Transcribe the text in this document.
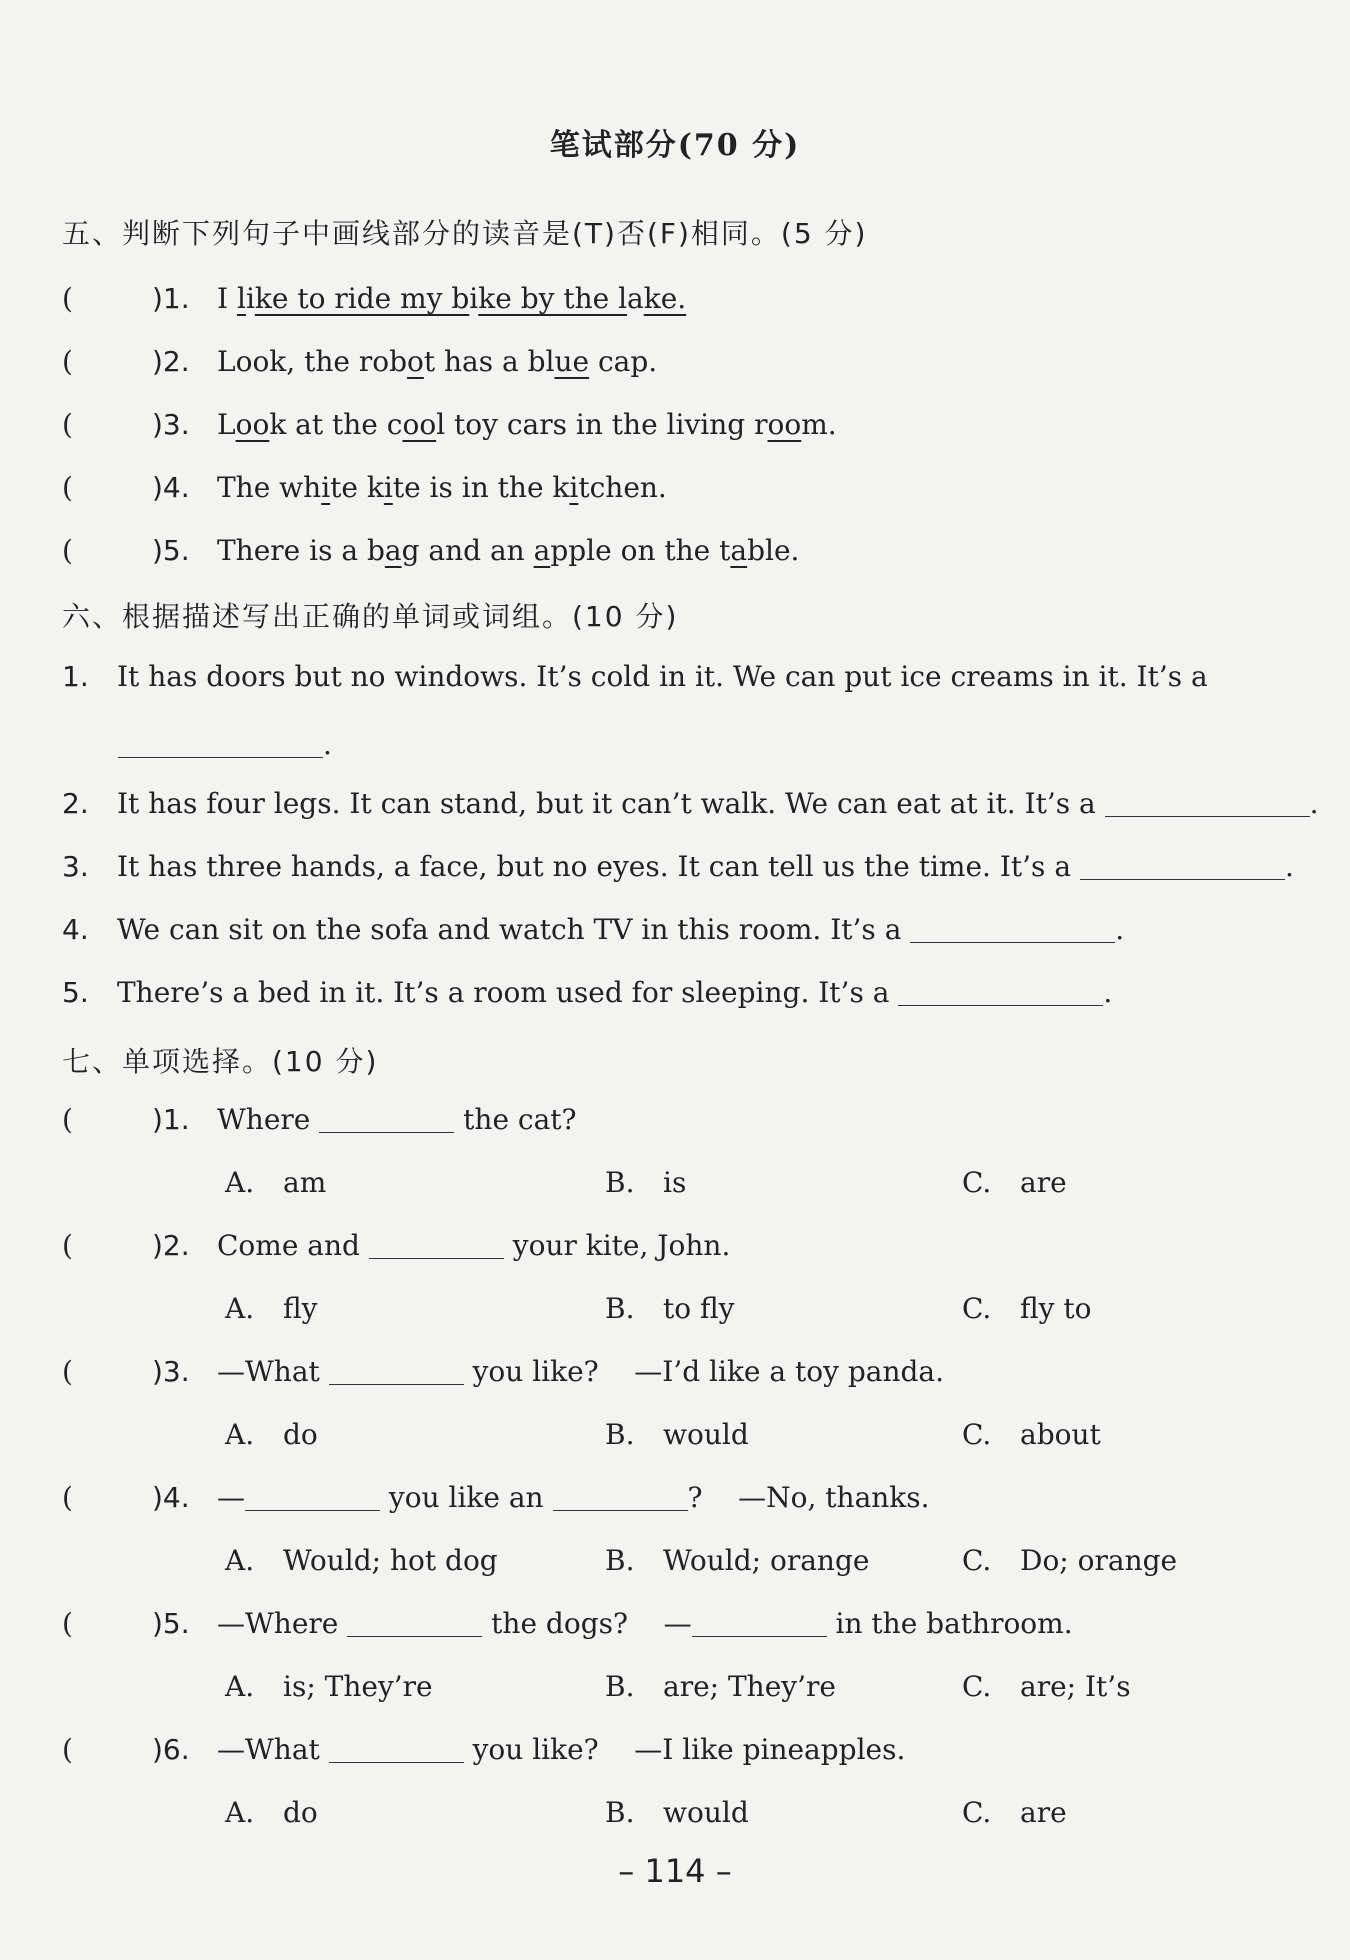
笔试部分(70 分)
五、判断下列句子中画线部分的读音是(T)否(F)相同。(5 分)
(	)1. I like to ride my bike by the lake.
(	)2. Look, the robot has a blue cap.
(	)3. Look at the cool toy cars in the living room.
(	)4. The white kite is in the kitchen.
(	)5. There is a bag and an apple on the table.
六、根据描述写出正确的单词或词组。(10 分)
1. It has doors but no windows. It’s cold in it. We can put ice creams in it. It’s a
.
2. It has four legs. It can stand, but it can’t walk. We can eat at it. It’s a	.
3. It has three hands, a face, but no eyes. It can tell us the time. It’s a	.
4. We can sit on the sofa and watch TV in this room. It’s a	.
5. There’s a bed in it. It’s a room used for sleeping. It’s a	.
七、单项选择。(10 分)
(	)1. Where	the cat?
A. am	B. is	C. are
(	)2. Come and	your kite, John.
A. fly	B. to fly	C. fly to
(	)3. —What	you like? —I’d like a toy panda.
A. do	B. would	C. about
(	)4. —	you like an	? —No, thanks.
A. Would; hot dog	B. Would; orange	C. Do; orange
(	)5. —Where	the dogs? —	in the bathroom.
A. is; They’re	B. are; They’re	C. are; It’s
(	)6. —What	you like? —I like pineapples.
A. do	B. would	C. are
– 114 –
